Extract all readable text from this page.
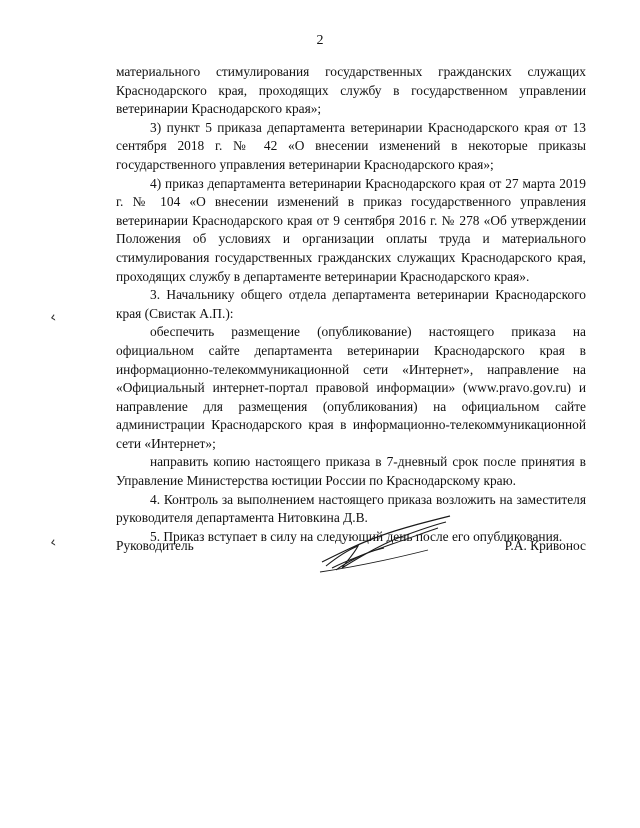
2
‹
‹

материального стимулирования государственных гражданских служащих Краснодарского края, проходящих службу в государственном управлении ветеринарии Краснодарского края»;

3) пункт 5 приказа департамента ветеринарии Краснодарского края от 13 сентября 2018 г. № 42 «О внесении изменений в некоторые приказы государственного управления ветеринарии Краснодарского края»;

4) приказ департамента ветеринарии Краснодарского края от 27 марта 2019 г. № 104 «О внесении изменений в приказ государственного управления ветеринарии Краснодарского края от 9 сентября 2016 г. № 278 «Об утверждении Положения об условиях и организации оплаты труда и материального стимулирования государственных гражданских служащих Краснодарского края, проходящих службу в департаменте ветеринарии Краснодарского края».

3. Начальнику общего отдела департамента ветеринарии Краснодарского края (Свистак А.П.):

обеспечить размещение (опубликование) настоящего приказа на официальном сайте департамента ветеринарии Краснодарского края в информационно-телекоммуникационной сети «Интернет», направление на «Официальный интернет-портал правовой информации» (www.pravo.gov.ru) и направление для размещения (опубликования) на официальном сайте администрации Краснодарского края в информационно-телекоммуникационной сети «Интернет»;

направить копию настоящего приказа в 7-дневный срок после принятия в Управление Министерства юстиции России по Краснодарскому краю.

4. Контроль за выполнением настоящего приказа возложить на заместителя руководителя департамента Нитовкина Д.В.

5. Приказ вступает в силу на следующий день после его опубликования.

Руководитель	Р.А. Кривонос
